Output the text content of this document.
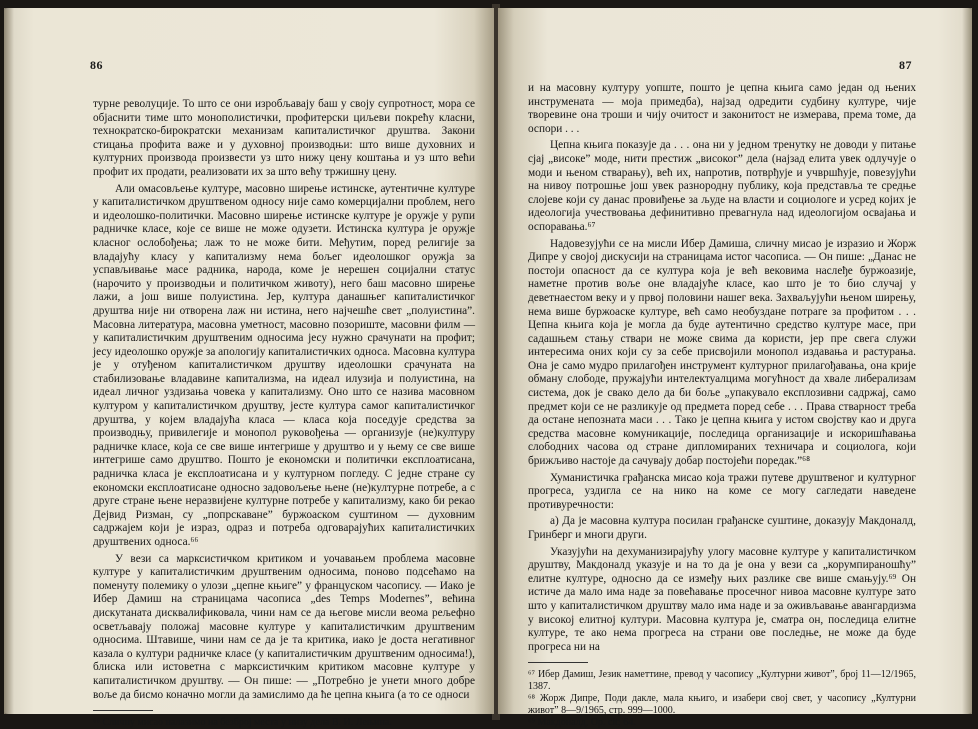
86

турне револуције. То што се они изробљавају баш у своју супротност, мора се објаснити тиме што монополистички, профитерски циљеви покрећу класни, технократско-бирократски механизам капиталистичког друштва. Закони стицања профита важе и у духовној производњи: што више духовних и културних производа произвести уз што нижу цену коштања и уз што већи профит их продати, реализовати их за што већу тржишну цену.

Али омасовљење културе, масовно ширење истинске, аутентичне културе у капиталистичком друштвеном односу није само комерцијални проблем, него и идеолошко-политички. Масовно ширење истинске културе је оружје у рупи радничке класе, које се више не може одузети. Истинска култура је оружје класног ослобођења; лаж то не може бити. Међутим, поред религије за владајућу класу у капитализму нема бољег идеолошког оружја за успављивање масе радника, народа, коме је нерешен социјални статус (нарочито у производњи и политичком животу), него баш масовно ширење лажи, а још више полуистина. Јер, култура данашњег капиталистичког друштва није ни отворена лаж ни истина, него најчешће свет „полуистина”. Масовна литература, масовна уметност, масовно позориште, масовни филм — у капиталистичким друштвеним односима јесу нужно срачунати на профит; јесу идеолошко оружје за апологију капиталистичких односа. Масовна култура је у отуђеном капиталистичком друштву идеолошки срачуната на стабилизовање владавине капитализма, на идеал илузија и полуистина, на идеал личног уздизања човека у капитализму. Оно што се назива масовном културом у капиталистичком друштву, јесте култура самог капиталистичког друштва, у којем владајућа класа — класа која поседује средства за производњу, привилегије и монопол руковођења — организује (не)културу радничке класе, која се све више интегрише у друштво и у њему се све више интегрише само друштво. Пошто је економски и политички експлоатисана, радничка класа је експлоатисана и у културном погледу. С једне стране су економски експлоатисане односно задовољење њене (не)културне потребе, а с друге стране њене неразвијене културне потребе у капитализму, како би рекао Дејвид Ризман, су „попрскаване” буржоаском суштином — духовним садржајем који је израз, одраз и потреба одговарајућих капиталистичких друштвених односа.⁶⁶

У вези са марксистичком критиком и уочавањем проблема масовне културе у капиталистичким друштвеним односима, поново подсећамо на поменуту полемику о улози „цепне књиге” у француском часопису. — Иако је Ибер Дамиш на страницама часописа „des Temps Modernes”, већина дискутаната дисквалификовала, чини нам се да његове мисли веома рељефно осветљавају положај масовне културе у капиталистичким друштвеним односима. Штавише, чини нам се да је та критика, иако је доста негативног казала о култури радничке класе (у капиталистичким друштвеним односима!), блиска или истоветна с марксистичким критиком масовне културе у капиталистичком друштву. — Он пише: — „Потребно је унети много добре воље да бисмо коначно могли да замислимо да ће цепна књига (а то се односи

⁶⁶ Сличну мисао налазимо на безброј места у низу дела В. И. Лењина.

87

и на масовну културу уопште, пошто је цепна књига само један од њених инструмената — моја примедба), најзад одредити судбину културе, чије творевине она троши и чију очитост и законитост не измерава, према томе, да оспори . . .

Цепна књига показује да . . . она ни у једном тренутку не доводи у питање сјај „високе” моде, нити престиж „високог” дела (најзад елита увек одлучује о моди и њеном стварању), већ их, напротив, потврђује и учвршћује, повезујући на нивоу потрошње још увек разнородну публику, која представља те средње слојеве који су данас провиђење за људе на власти и социологе и усред којих је идеологија учествовања дефинитивно превагнула над идеологијом освајања и оспоравања.⁶⁷

Надовезујући се на мисли Ибер Дамиша, сличну мисао је изразио и Жорж Дипре у својој дискусији на страницама истог часописа. — Он пише: „Данас не постоји опасност да се култура која је већ вековима наслеђе буржоазије, наметне против воље оне владајуће класе, као што је то био случај у деветнаестом веку и у првој половини нашег века. Захваљујући њеном ширењу, нема више буржоаске културе, већ само необуздане потраге за профитом . . . Цепна књига која је могла да буде аутентично средство културе масе, при садашњем стању ствари не може свима да користи, јер пре свега служи интересима оних који су за себе присвојили монопол издавања и растурања. Она је само мудро прилагођен инструмент културног прилагођавања, она крије обману слободе, пружајући интелектуалцима могућност да хвале либерализам система, док је свако дело да би боље „упакувало експлозивни садржај, само предмет који се не разликује од предмета поред себе . . . Права стварност треба да остане непозната маси . . . Тако је цепна књига у истом својству као и друга средства масовне комуникације, последица организације и искоришћавања слободних часова од стране дипломираних техничара и социолога, који брижљиво настоје да сачувају добар постојећи поредак.”⁶⁸

Хуманистичка грађанска мисао која тражи путеве друштвеног и културног прогреса, уздигла се на нико на коме се могу сагледати наведене противуречности:

а) Да је масовна култура посилан грађанске суштине, доказују Макдоналд, Гринберг и многи други.

Указујући на дехуманизирајућу улогу масовне културе у капиталистичком друштву, Макдоналд указује и на то да је она у вези са „корумпираношћу” елитне културе, односно да се између њих разлике све више смањују.⁶⁹ Он истиче да мало има наде за повећавање просечног нивоа масовне културе зато што у капиталистичком друштву мало има наде и за оживљавање авангардизма у високој елитној култури. Масовна култура је, сматра он, последица елитне културе, те ако нема прогреса на страни ове последње, не може да буде прогреса ни на

⁶⁷ Ибер Дамиш, Језик наметтине, превод у часопису „Културни живот”, број 11—12/1965, 1387.

⁶⁸ Жорж Дипре, Поди дакле, мала књиго, и изабери свој свет, у часопису „Културни живот” 8—9/1965, стр. 999—1000.

⁶⁹ Макдоналд, Op. cit; 64.
